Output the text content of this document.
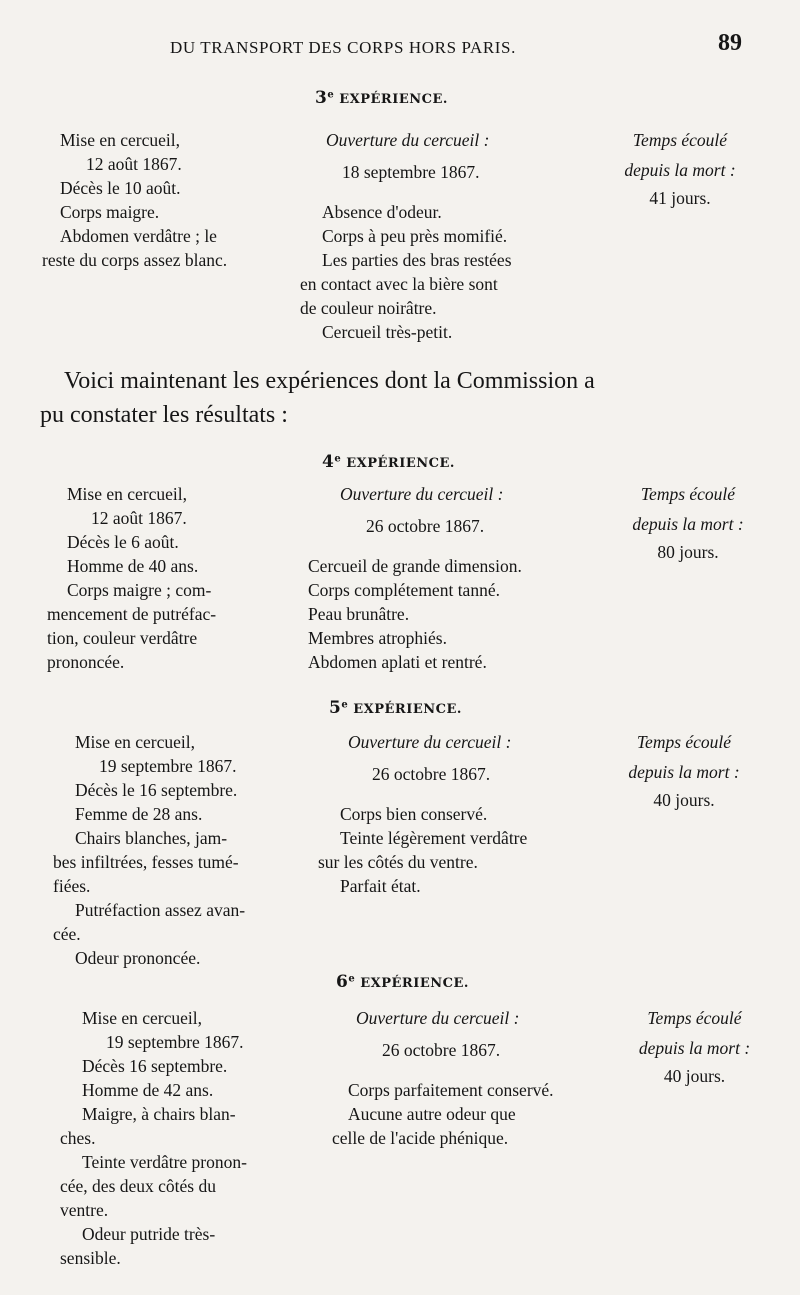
DU TRANSPORT DES CORPS HORS PARIS.	89
3e EXPÉRIENCE.
Mise en cercueil,
12 août 1867.
Décès le 10 août.
Corps maigre.
Abdomen verdâtre ; le
reste du corps assez blanc.
Ouverture du cercueil :
18 septembre 1867.
Absence d'odeur.
Corps à peu près momifié.
Les parties des bras restées
en contact avec la bière sont
de couleur noirâtre.
Cercueil très-petit.
Temps écoulé
depuis la mort :
41 jours.
Voici maintenant les expériences dont la Commission a
pu constater les résultats :
4e EXPÉRIENCE.
Mise en cercueil,
12 août 1867.
Décès le 6 août.
Homme de 40 ans.
Corps maigre ; com-
mencement de putréfac-
tion, couleur verdâtre
prononcée.
Ouverture du cercueil :
26 octobre 1867.
Cercueil de grande dimension.
Corps complétement tanné.
Peau brunâtre.
Membres atrophiés.
Abdomen aplati et rentré.
Temps écoulé
depuis la mort :
80 jours.
5e EXPÉRIENCE.
Mise en cercueil,
19 septembre 1867.
Décès le 16 septembre.
Femme de 28 ans.
Chairs blanches, jam-
bes infiltrées, fesses tumé-
fiées.
Putréfaction assez avan-
cée.
Odeur prononcée.
Ouverture du cercueil :
26 octobre 1867.
Corps bien conservé.
Teinte légèrement verdâtre
sur les côtés du ventre.
Parfait état.
Temps écoulé
depuis la mort :
40 jours.
6e EXPÉRIENCE.
Mise en cercueil,
19 septembre 1867.
Décès 16 septembre.
Homme de 42 ans.
Maigre, à chairs blan-
ches.
Teinte verdâtre pronon-
cée, des deux côtés du
ventre.
Odeur putride très-
sensible.
Ouverture du cercueil :
26 octobre 1867.
Corps parfaitement conservé.
Aucune autre odeur que
celle de l'acide phénique.
Temps écoulé
depuis la mort :
40 jours.
